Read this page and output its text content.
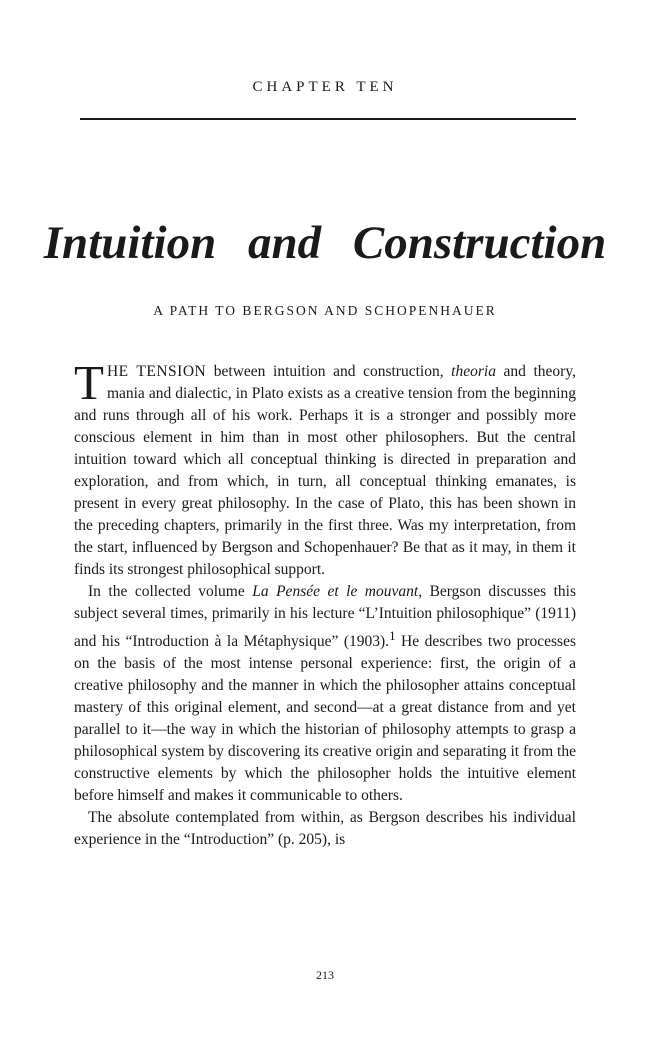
CHAPTER TEN
Intuition and Construction
A PATH TO BERGSON AND SCHOPENHAUER

THE TENSION between intuition and construction, theoria and theory, mania and dialectic, in Plato exists as a creative tension from the beginning and runs through all of his work. Perhaps it is a stronger and possibly more conscious element in him than in most other philosophers. But the central intuition toward which all conceptual thinking is directed in preparation and exploration, and from which, in turn, all conceptual thinking emanates, is present in every great philosophy. In the case of Plato, this has been shown in the preceding chapters, primarily in the first three. Was my interpretation, from the start, influenced by Bergson and Schopenhauer? Be that as it may, in them it finds its strongest philosophical support.

In the collected volume La Pensée et le mouvant, Bergson discusses this subject several times, primarily in his lecture “L’Intuition philosophique” (1911) and his “Introduction à la Métaphysique” (1903).$^1$ He describes two processes on the basis of the most intense personal experience: first, the origin of a creative philosophy and the manner in which the philosopher attains conceptual mastery of this original element, and second—at a great distance from and yet parallel to it—the way in which the historian of philosophy attempts to grasp a philosophical system by discovering its creative origin and separating it from the constructive elements by which the philosopher holds the intuitive element before himself and makes it communicable to others.

The absolute contemplated from within, as Bergson describes his individual experience in the “Introduction” (p. 205), is

213
